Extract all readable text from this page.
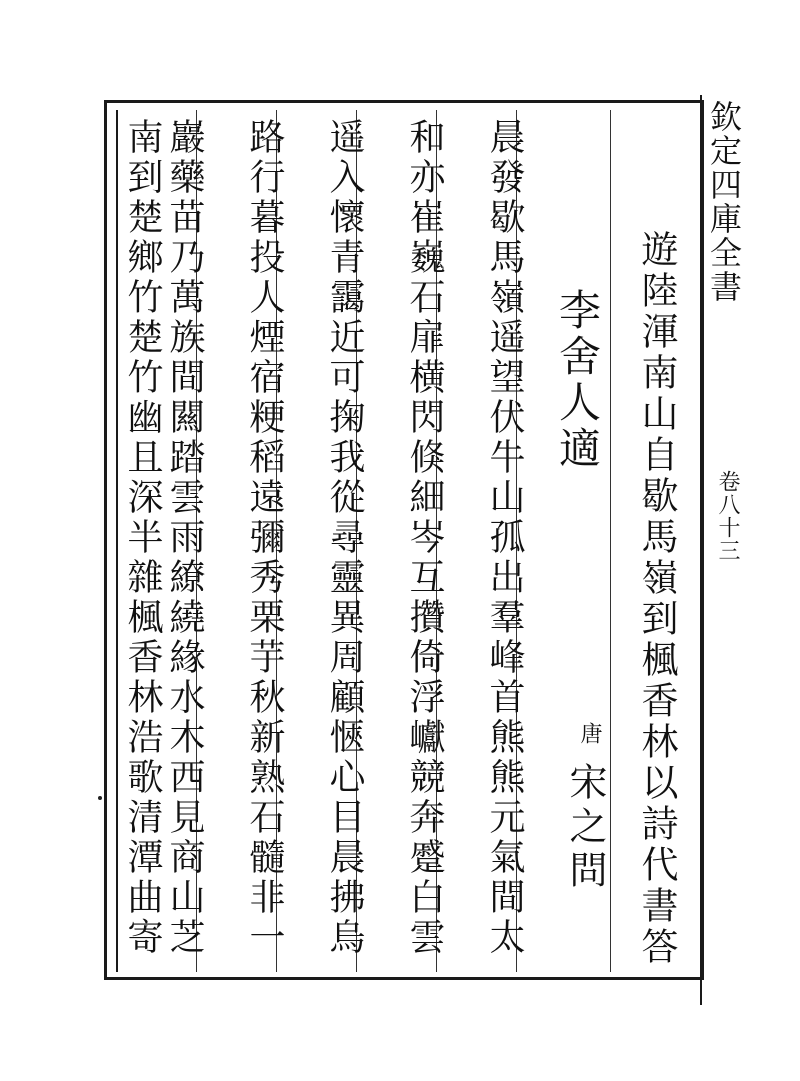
欽定四庫全書
卷八十三
遊陸渾南山自歇馬嶺到楓香林以詩代書答
李舍人適
唐
宋之問
晨發歇馬嶺遥望伏牛山孤出羣峰首熊熊元氣間太
和亦崔巍石扉横閃倏細岑互攢倚浮巘競奔蹙白雲
遥入懷青靄近可掬我從尋靈異周顧愜心目晨拂烏
路行暮投人煙宿粳稻遠彌秀栗芋秋新熟石髓非一
巖藥苗乃萬族間闗踏雲雨繚繞緣水木西見商山芝
南到楚鄉竹楚竹幽且深半雜楓香林浩歌清潭曲寄
